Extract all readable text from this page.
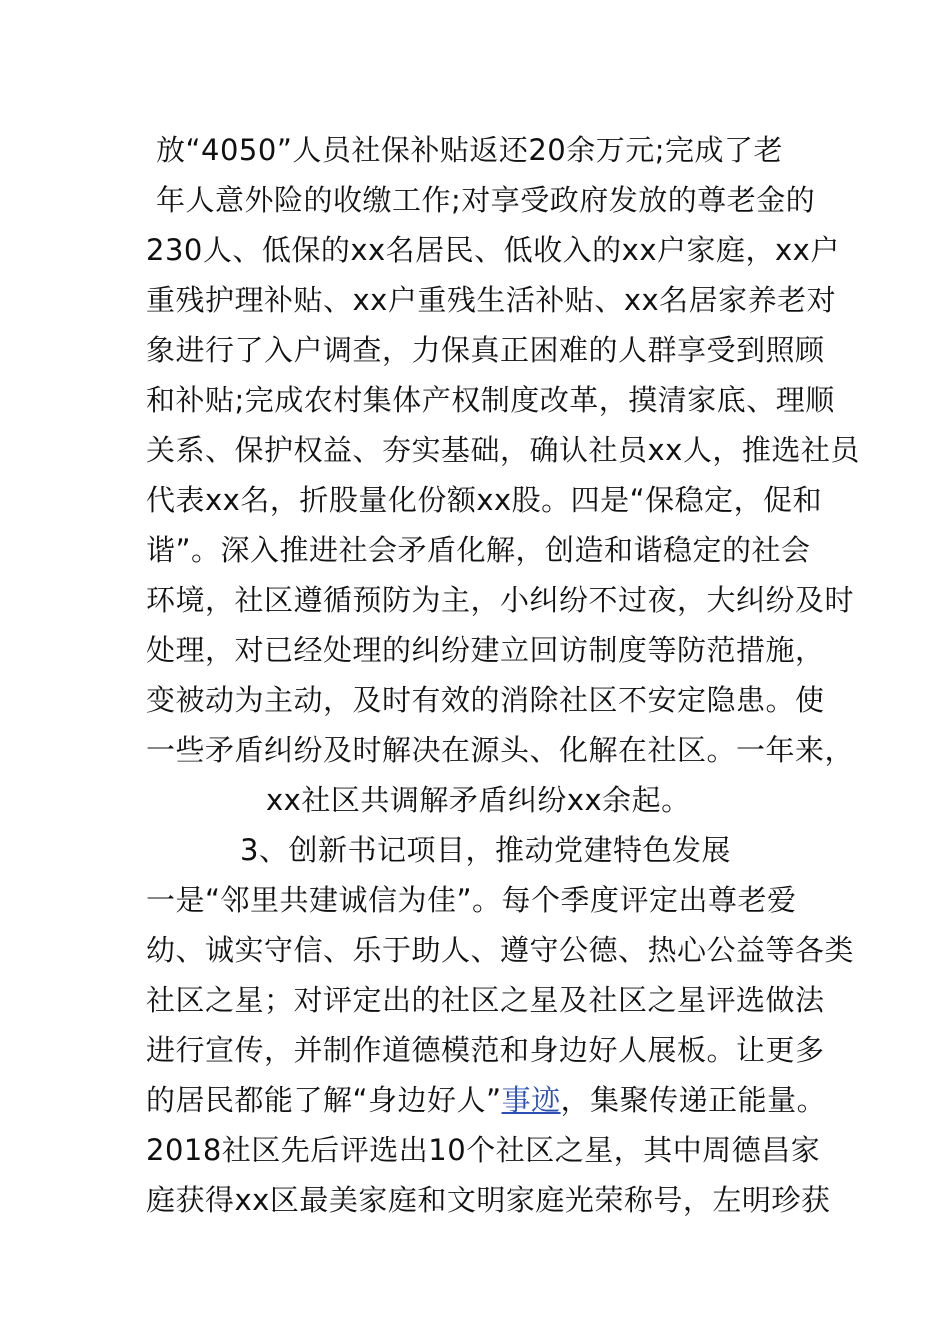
放“4050”人员社保补贴返还20余万元;完成了老
年人意外险的收缴工作;对享受政府发放的尊老金的
230人、低保的xx名居民、低收入的xx户家庭，xx户
重残护理补贴、xx户重残生活补贴、xx名居家养老对
象进行了入户调查，力保真正困难的人群享受到照顾
和补贴;完成农村集体产权制度改革，摸清家底、理顺
关系、保护权益、夯实基础，确认社员xx人，推选社员
代表xx名，折股量化份额xx股。四是“保稳定，促和
谐”。深入推进社会矛盾化解，创造和谐稳定的社会
环境，社区遵循预防为主，小纠纷不过夜，大纠纷及时
处理，对已经处理的纠纷建立回访制度等防范措施，
变被动为主动，及时有效的消除社区不安定隐患。使
一些矛盾纠纷及时解决在源头、化解在社区。一年来，
xx社区共调解矛盾纠纷xx余起。
3、创新书记项目，推动党建特色发展
一是“邻里共建诚信为佳”。每个季度评定出尊老爱
幼、诚实守信、乐于助人、遵守公德、热心公益等各类
社区之星；对评定出的社区之星及社区之星评选做法
进行宣传，并制作道德模范和身边好人展板。让更多
的居民都能了解“身边好人”事迹，集聚传递正能量。
2018社区先后评选出10个社区之星，其中周德昌家
庭获得xx区最美家庭和文明家庭光荣称号，左明珍获
